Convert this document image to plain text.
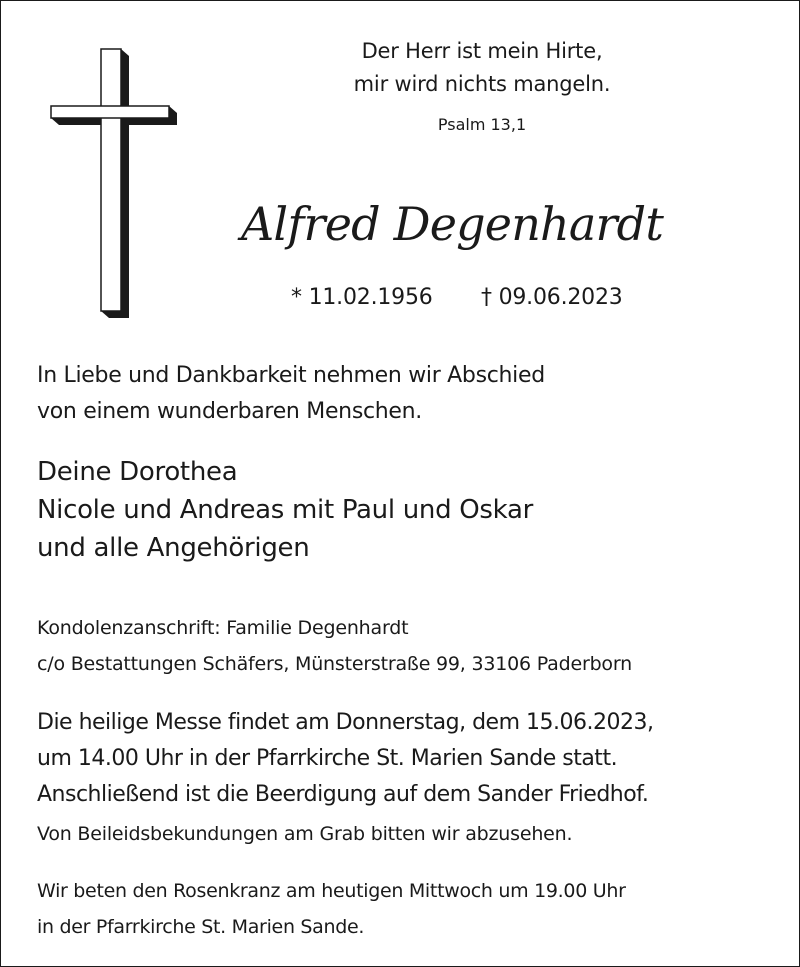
Der Herr ist mein Hirte,
mir wird nichts mangeln.
Psalm 13,1
Alfred Degenhardt
* 11.02.1956 † 09.06.2023
In Liebe und Dankbarkeit nehmen wir Abschied
von einem wunderbaren Menschen.
Deine Dorothea
Nicole und Andreas mit Paul und Oskar
und alle Angehörigen
Kondolenzanschrift: Familie Degenhardt
c/o Bestattungen Schäfers, Münsterstraße 99, 33106 Paderborn
Die heilige Messe findet am Donnerstag, dem 15.06.2023,
um 14.00 Uhr in der Pfarrkirche St. Marien Sande statt.
Anschließend ist die Beerdigung auf dem Sander Friedhof.
Von Beileidsbekundungen am Grab bitten wir abzusehen.
Wir beten den Rosenkranz am heutigen Mittwoch um 19.00 Uhr
in der Pfarrkirche St. Marien Sande.
